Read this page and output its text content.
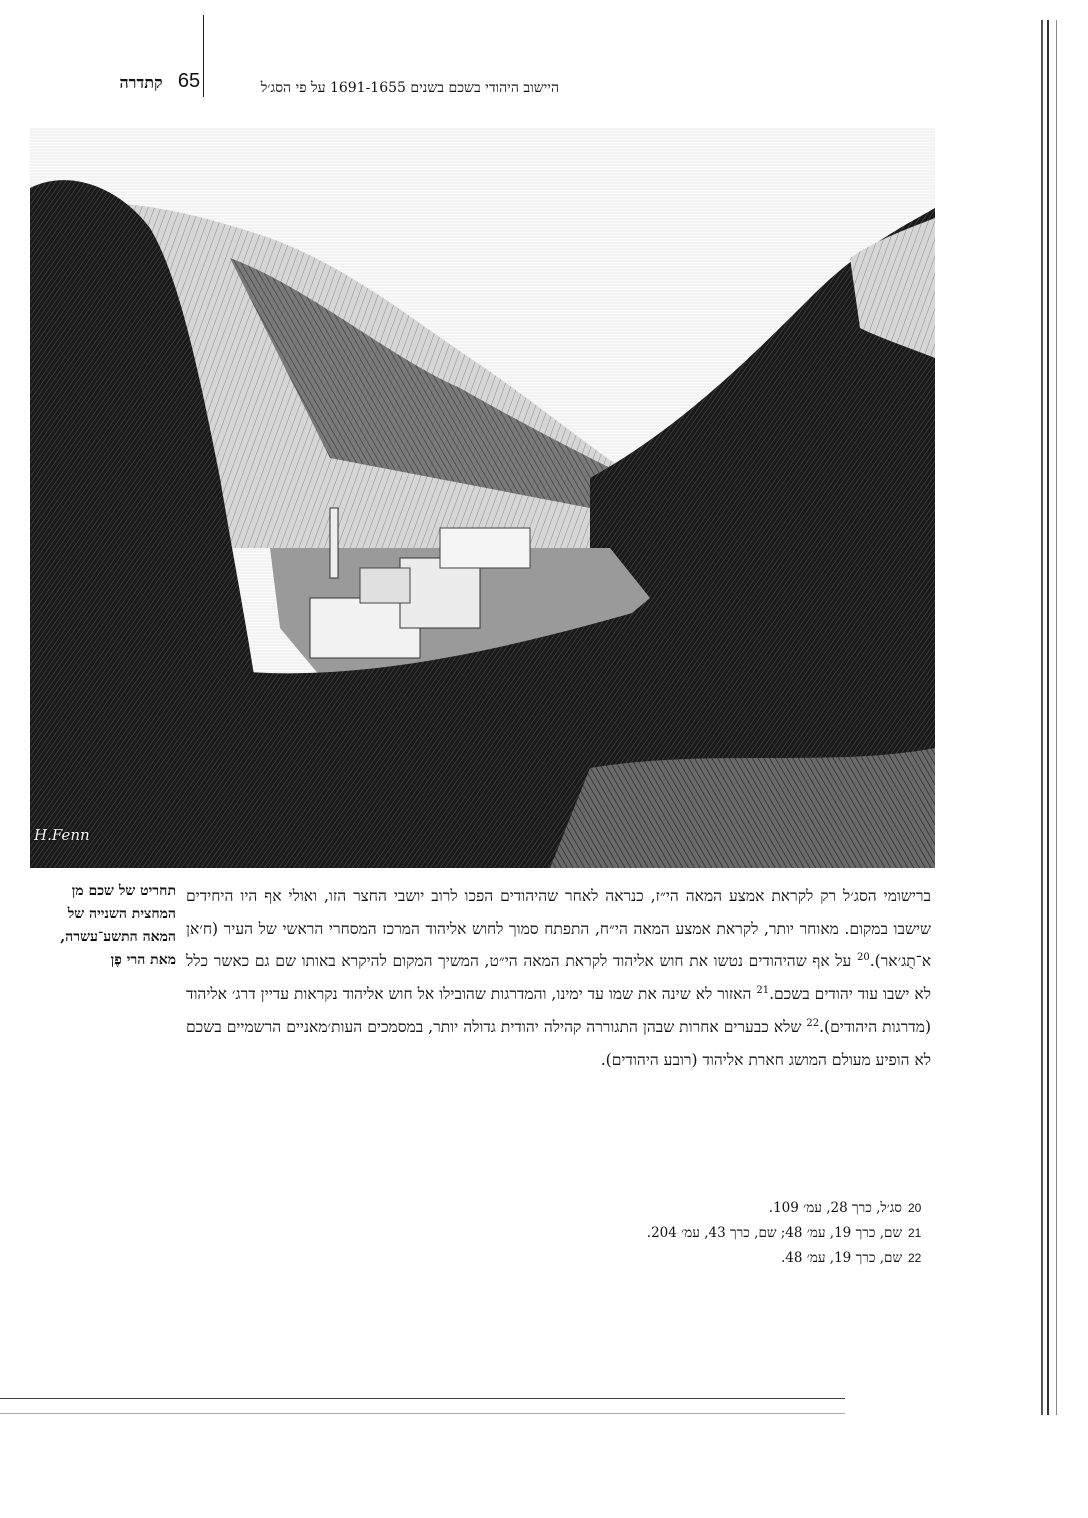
קתדרה 65	היישוב היהודי בשכם בשנים 1691-1655 על פי הסג׳ל
H.Fenn
תחריט של שכם מן המחצית השנייה של המאה התשע־עשרה, מאת הרי פֶן

ברישומי הסג׳ל רק לקראת אמצע המאה הי״ז, כנראה לאחר שהיהודים הפכו לרוב יושבי החצר הזו, ואולי אף היו היחידים שישבו במקום. מאוחר יותר, לקראת אמצע המאה הי״ח, התפתח סמוך לחוש אליהוד המרכז המסחרי הראשי של העיר (ח׳אן א־תֻג׳אר).$^{20}$ על אף שהיהודים נטשו את חוש אליהוד לקראת המאה הי״ט, המשיך המקום להיקרא באותו שם גם כאשר כלל לא ישבו עוד יהודים בשכם.$^{21}$ האזור לא שינה את שמו עד ימינו, והמדרגות שהובילו אל חוש אליהוד נקראות עדיין דרג׳ אליהוד (מדרגות היהודים).$^{22}$ שלא כבערים אחרות שבהן התגוררה קהילה יהודית גדולה יותר, במסמכים העות׳מאניים הרשמיים בשכם לא הופיע מעולם המושג חארת אליהוד (רובע היהודים).

20
סג׳ל, כרך 28, עמ׳ 109.
21
שם, כרך 19, עמ׳ 48; שם, כרך 43, עמ׳ 204.
22
שם, כרך 19, עמ׳ 48.
